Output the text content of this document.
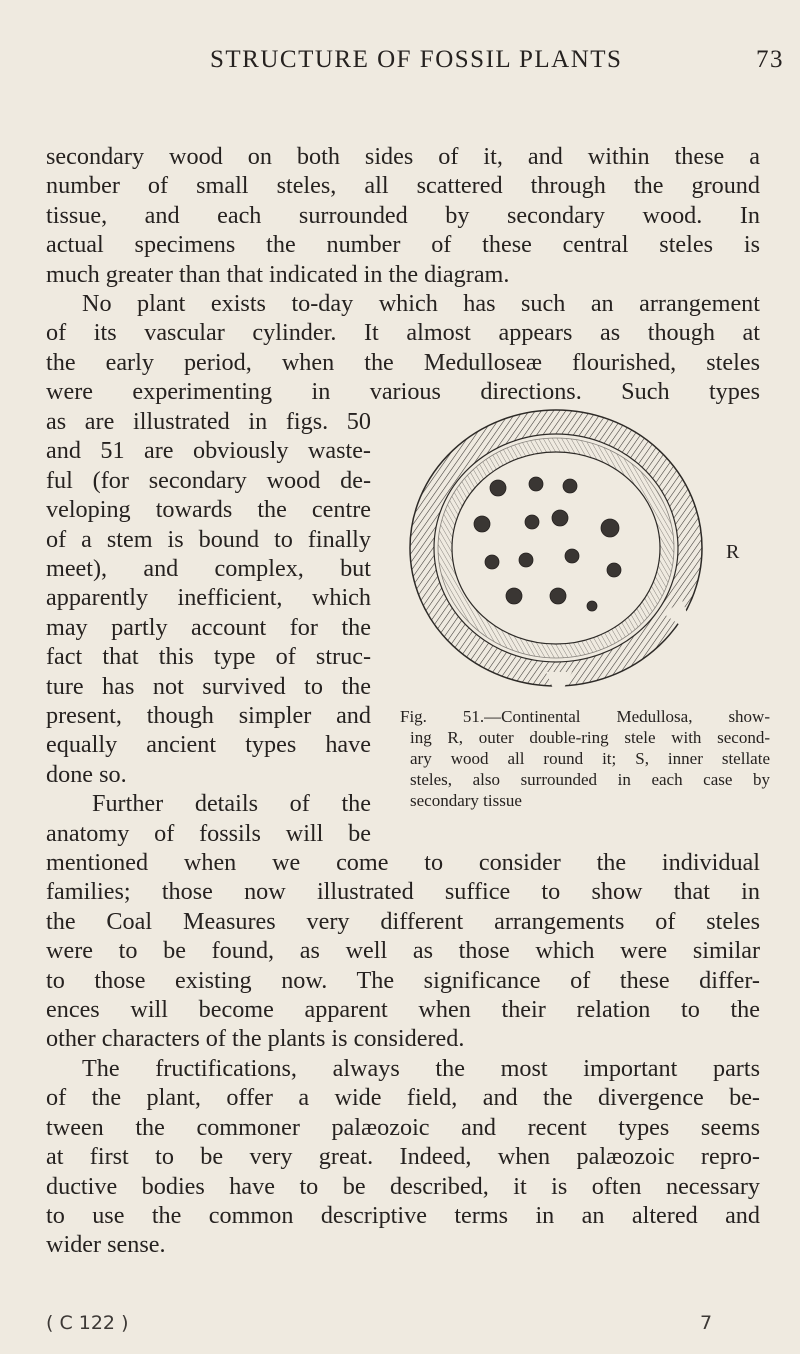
STRUCTURE OF FOSSIL PLANTS	73
secondary wood on both sides of it, and within these a
number of small steles, all scattered through the ground
tissue, and each surrounded by secondary wood. In
actual specimens the number of these central steles is
much greater than that indicated in the diagram.
No plant exists to-day which has such an arrangement
of its vascular cylinder. It almost appears as though at
the early period, when the Medulloseæ flourished, steles
were experimenting in various directions. Such types
as are illustrated in figs. 50
and 51 are obviously waste-
ful (for secondary wood de-
veloping towards the centre
of a stem is bound to finally
meet), and complex, but
apparently inefficient, which
may partly account for the
fact that this type of struc-
ture has not survived to the
present, though simpler and
equally ancient types have
done so.
Further details of the
anatomy of fossils will be
mentioned when we come to consider the individual
families; those now illustrated suffice to show that in
the Coal Measures very different arrangements of steles
were to be found, as well as those which were similar
to those existing now. The significance of these differ-
ences will become apparent when their relation to the
other characters of the plants is considered.
The fructifications, always the most important parts
of the plant, offer a wide field, and the divergence be-
tween the commoner palæozoic and recent types seems
at first to be very great. Indeed, when palæozoic repro-
ductive bodies have to be described, it is often necessary
to use the common descriptive terms in an altered and
wider sense.
R
Fig. 51.—Continental Medullosa, show-
ing R, outer double-ring stele with second-
ary wood all round it; S, inner stellate
steles, also surrounded in each case by
secondary tissue
( C 122 )	7
